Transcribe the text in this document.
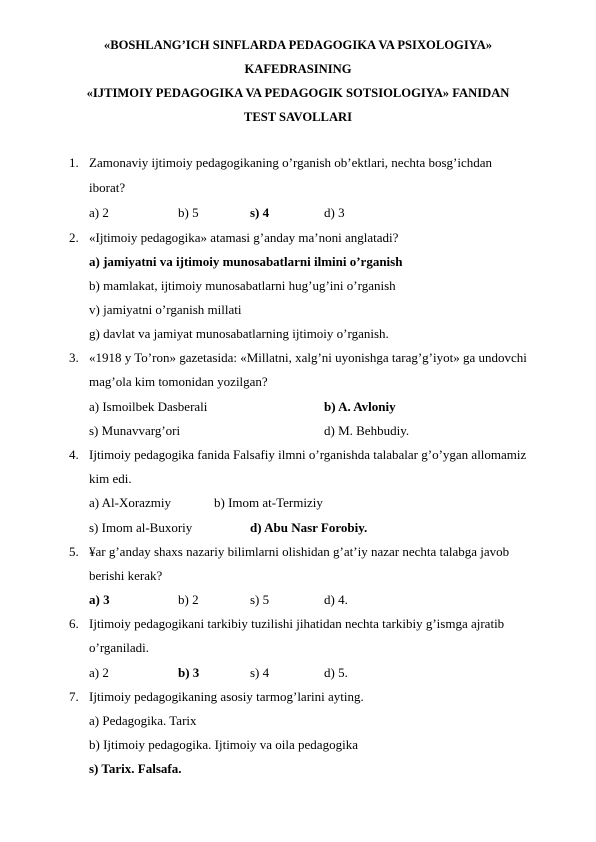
«BOSHLANG’ICH SINFLARDA PEDAGOGIKA VA PSIXOLOGIYA»
KAFEDRASINING
«IJTIMOIY PEDAGOGIKA VA PEDAGOGIK SOTSIOLOGIYA» FANIDAN
TEST SAVOLLARI
1. Zamonaviy ijtimoiy pedagogikaning o’rganish ob’ektlari, nechta bosg’ichdan
iborat?
a) 2	b) 5	s) 4	d) 3
2. «Ijtimoiy pedagogika» atamasi g’anday ma’noni anglatadi?
a) jamiyatni va ijtimoiy munosabatlarni ilmini o’rganish
b) mamlakat, ijtimoiy munosabatlarni hug’ug’ini o’rganish
v) jamiyatni o’rganish millati
g) davlat va jamiyat munosabatlarning ijtimoiy o’rganish.
3. «1918 y To’ron» gazetasida: «Millatni, xalg’ni uyonishga tarag’g’iyot» ga undovchi
mag’ola kim tomonidan yozilgan?
a) Ismoilbek Dasberali	b) A. Avloniy
s) Munavvarg’ori	d) M. Behbudiy.
4. Ijtimoiy pedagogika fanida Falsafiy ilmni o’rganishda talabalar g’o’ygan allomamiz
kim edi.
a) Al-Xorazmiy	b) Imom at-Termiziy
s) Imom al-Buxoriy	d) Abu Nasr Forobiy.
5. ¥ar g’anday shaxs nazariy bilimlarni olishidan g’at’iy nazar nechta talabga javob
berishi kerak?
a) 3	b) 2	s) 5	d) 4.
6. Ijtimoiy pedagogikani tarkibiy tuzilishi jihatidan nechta tarkibiy g’ismga ajratib
o’rganiladi.
a) 2	b) 3	s) 4	d) 5.
7. Ijtimoiy pedagogikaning asosiy tarmog’larini ayting.
a) Pedagogika. Tarix
b) Ijtimoiy pedagogika. Ijtimoiy va oila pedagogika
s) Tarix. Falsafa.
